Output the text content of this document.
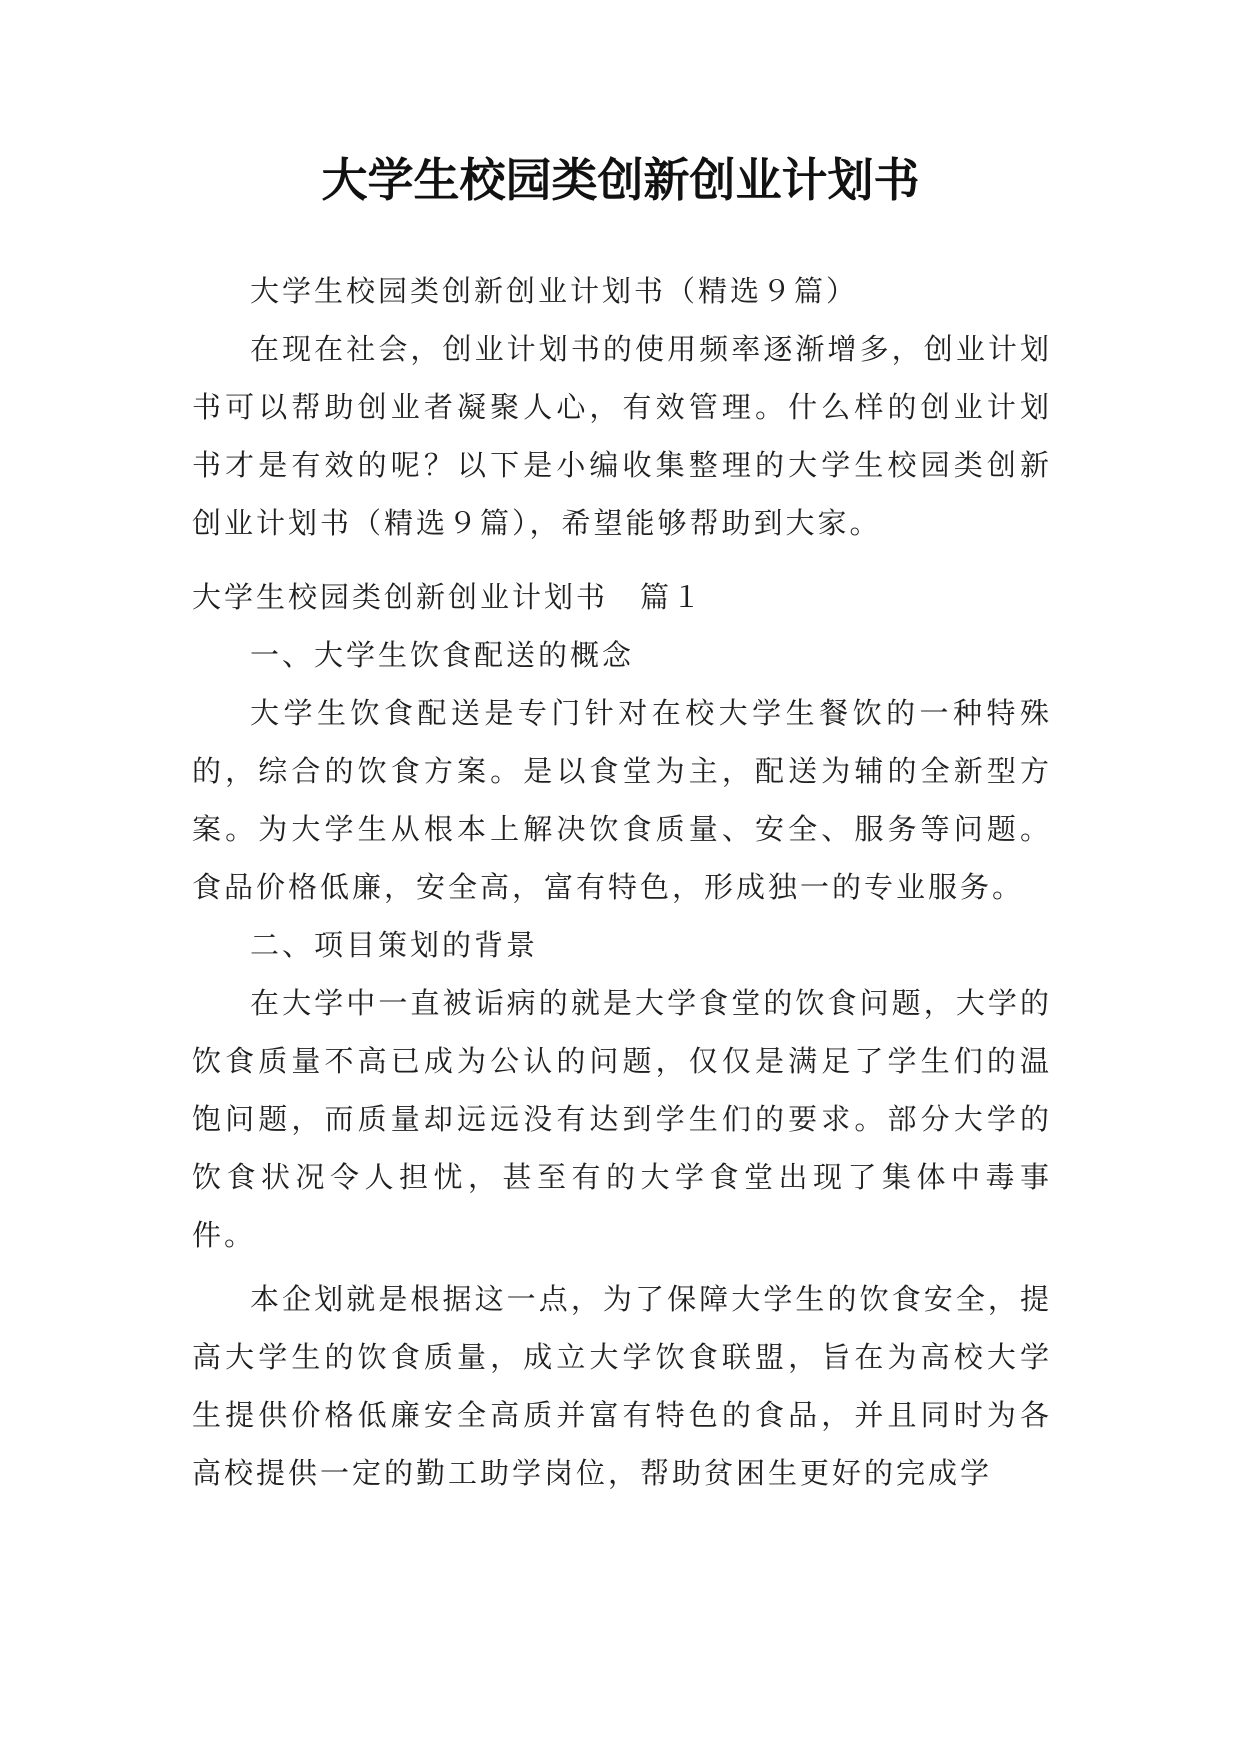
大学生校园类创新创业计划书

大学生校园类创新创业计划书（精选９篇）

在现在社会，创业计划书的使用频率逐渐增多，创业计划书可以帮助创业者凝聚人心，有效管理。什么样的创业计划书才是有效的呢？以下是小编收集整理的大学生校园类创新创业计划书（精选９篇），希望能够帮助到大家。

大学生校园类创新创业计划书　篇１

一、大学生饮食配送的概念

大学生饮食配送是专门针对在校大学生餐饮的一种特殊的，综合的饮食方案。是以食堂为主，配送为辅的全新型方案。为大学生从根本上解决饮食质量、安全、服务等问题。食品价格低廉，安全高，富有特色，形成独一的专业服务。

二、项目策划的背景

在大学中一直被诟病的就是大学食堂的饮食问题，大学的饮食质量不高已成为公认的问题，仅仅是满足了学生们的温饱问题，而质量却远远没有达到学生们的要求。部分大学的饮食状况令人担忧，甚至有的大学食堂出现了集体中毒事件。

本企划就是根据这一点，为了保障大学生的饮食安全，提高大学生的饮食质量，成立大学饮食联盟，旨在为高校大学生提供价格低廉安全高质并富有特色的食品，并且同时为各高校提供一定的勤工助学岗位，帮助贫困生更好的完成学
